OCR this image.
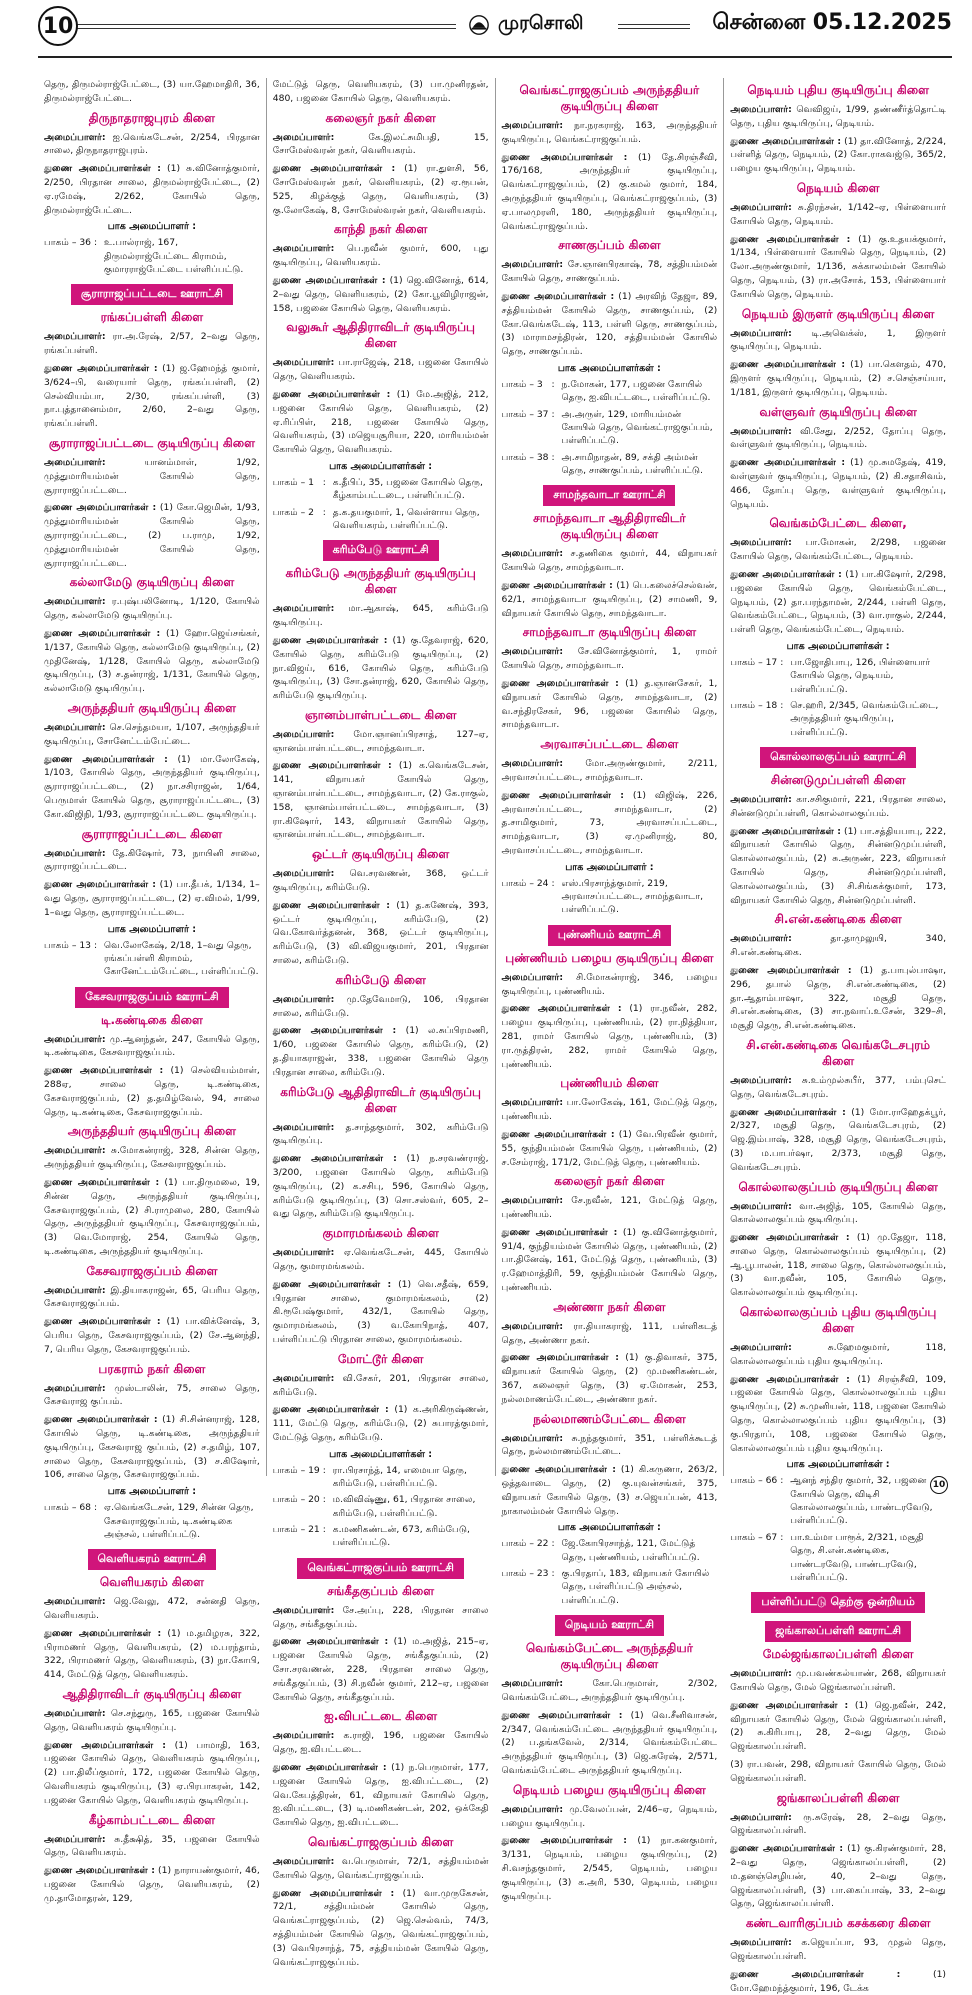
10	முரசொலி	சென்னை 05.12.2025

தெரு, திருமல்ராஜ்பேட்டை, (3) யா.ஹேமாதிரி, 36, திருமல்ராஜ்பேட்டை.

திருநாதராஜபுரம் கிளை

அமைப்பாளர்: ஐ.வெங்கடேசன், 2/254, பிரதான சாலை, திருநாதராஜபுரம்.

துணை அமைப்பாளர்கள் : (1) சு.வினோத்குமார், 2/250, பிரதான சாலை, திருமல்ராஜ்பேட்டை, (2) ஏ.ரமேஷ், 2/262, கோயில் தெரு, திருமல்ராஜ்பேட்டை.

பாக அமைப்பாளர் :
பாகம் – 36 : உ.பால்ராஜ், 167, திருமல்ராஜ்பேட்டை கிராமம், குமாரராஜ்பேட்டை பள்ளிப்பட்டு.
சூராராஜப்பட்டடை ஊராட்சி
ரங்கப்பள்ளி கிளை

அமைப்பாளர்: ரா.அ.ரேஷ், 2/57, 2–வது தெரு, ரங்கப்பள்ளி.

துணை அமைப்பாளர்கள் : (1) ஜ.ஹேமந்த் குமார், 3/624–பி, வரையார் தெரு, ரங்கப்பள்ளி, (2) செல்வியம்பா, 2/30, ரங்கப்பள்ளி, (3) நா.புத்தானைம்மா, 2/60, 2–வது தெரு, ரங்கப்பள்ளி.

சூராராஜப்பட்டடை குடியிருப்பு கிளை

அமைப்பாளர்:	யானம்மாள், 1/92, முத்துமாரியம்மன் கோயில் தெரு, சூராராஜப்பட்டடை.

துணை அமைப்பாளர்கள் : (1) கோ.ஜெமின், 1/93, முத்துமாரியம்மன் கோயில் தெரு, சூராராஜப்பட்டடை, (2) ப.ராமு, 1/92, முத்துமாரியம்மன் கோயில் தெரு, சூராராஜப்பட்டடை.

கல்லாமேடு குடியிருப்பு கிளை

அமைப்பாளர்: ர.புஷ்பலினோடி, 1/120, கோயில் தெரு, கல்லாமேடு குடியிருப்பு.

துணை அமைப்பாளர்கள் : (1) ஹோ.ஜெய்சங்கர், 1/137, கோயில் தெரு, கல்லாமேடு குடியிருப்பு, (2) முதினேஷ், 1/128, கோயில் தெரு, கல்லாமேடு குடியிருப்பு, (3) ச.தன்ராஜ், 1/131, கோயில் தெரு, கல்லாமேடு குடியிருப்பு.

அருந்ததியர் குடியிருப்பு கிளை

அமைப்பாளர்: செ.செந்தமயா, 1/107, அருந்ததியர் குடியிருப்பு, சோனேட்டம்பேட்டை.

துணை அமைப்பாளர்கள் : (1) மா.லோகேஷ், 1/103, கோயில் தெரு, அருந்ததியர் குடியிருப்பு, சூராராஜப்பட்டடை, (2) நா.சசிராஜன், 1/64, பெருமாள் கோயில் தெரு, சூராராஜப்பட்டடை, (3) கோ.விஜிநி, 1/93, சூராராஜப்பட்டடை குடியிருப்பு.

சூராராஜப்பட்டடை கிளை

அமைப்பாளர்: தே.கிஷோர், 73, நாயினி சாலை, சூராராஜப்பட்டடை.

துணை அமைப்பாளர்கள் : (1) பா.தீபக், 1/134, 1–வது தெரு, சூராராஜப்பட்டடை, (2) ஏ.விமல், 1/99, 1–வது தெரு, சூராராஜப்பட்டடை.

பாக அமைப்பாளர் :
பாகம் – 13 : வெ.லோகேஷ், 2/18, 1–வது தெரு, ரங்கப்பள்ளி கிராமம், கோனேட்டம்பேட்டை, பள்ளிப்பட்டு.
கேசவராஜகுப்பம் ஊராட்சி
டி.கண்டிகை கிளை

அமைப்பாளர்: மு.ஆனந்தன், 247, கோயில் தெரு, டி.கண்டிகை, கேசவராஜகுப்பம்.

துணை அமைப்பாளர்கள் : (1) செல்வியம்மாள், 288ஏ, சாலை தெரு, டி.கண்டிகை, கேசவராஜகுப்பம், (2) த.தமிழ்வேல், 94, சாலை தெரு, டி.கண்டிகை, கேசவராஜகுப்பம்.

அருந்ததியர் குடியிருப்பு கிளை

அமைப்பாளர்: சு.மோகன்ராஜ், 328, சின்ன தெரு, அருந்ததியர் குடியிருப்பு, கேசவராஜகுப்பம்.

துணை அமைப்பாளர்கள் : (1) பா.திருமலை, 19, சின்ன தெரு, அருந்ததியர் குடியிருப்பு, கேசவராஜகுப்பம், (2) சி.ராமுலை, 280, கோயில் தெரு, அருந்ததியர் குடியிருப்பு, கேசவராஜகுப்பம், (3) வெ.மோராஜ், 254, கோயில் தெரு, டி.கண்டிகை, அருந்ததியர் குடியிருப்பு.

கேசவராஜகுப்பம் கிளை

அமைப்பாளர்: இ.தியாகராஜன், 65, பெரிய தெரு, கேசவராஜகுப்பம்.

துணை அமைப்பாளர்கள் : (1) பா.விக்னேஷ், 3, பெரிய தெரு, கேசவராஜகுப்பம், (2) சே.ஆனந்தி, 7, பெரிய தெரு, கேசவராஜகுப்பம்.

பரகராம் நகர் கிளை

அமைப்பாளர்: முஸ்டாலின், 75, சாலை தெரு, கேசவராஜ குப்பம்.

துணை அமைப்பாளர்கள் : (1) சி.சின்னராஜ், 128, கோயில் தெரு, டி.கண்டிகை, அருந்ததியர் குடியிருப்பு, கேசவராஜ குப்பம், (2) ச.தமிழ், 107, சாலை தெரு, கேசவராஜகுப்பம், (3) ச.கிஷோர், 106, சாலை தெரு, கேசவராஜகுப்பம்.

பாக அமைப்பாளர் :
பாகம் – 68 : ஏ.வெங்கடேசன், 129, சின்ன தெரு, கேசவராஜகுப்பம், டி.கண்டிகை அஞ்சல், பள்ளிப்பட்டு.
வெளியகரம் ஊராட்சி
வெளியகரம் கிளை

அமைப்பாளர்: ஜெ.வேலு, 472, சன்னதி தெரு, வெளியகரம்.

துணை அமைப்பாளர்கள் : (1) ம.தமிழரசு, 322, பிராமணர் தெரு, வெளியகரம், (2) ம.பரந்தாம், 322, பிராமணர் தெரு, வெளியகரம், (3) நா.கோபி, 414, மேட்டுத் தெரு, வெளியகரம்.

ஆதிதிராவிடர் குடியிருப்பு கிளை

அமைப்பாளர்: செ.சந்துரு, 165, பஜனை கோயில் தெரு, வெளியகரம் குடியிருப்பு.

துணை அமைப்பாளர்கள் : (1) பாமாதி, 163, பஜனை கோயில் தெரு, வெளியகரம் குடியிருப்பு, (2) பா.திலீப்குமார், 172, பஜனை கோயில் தெரு, வெளியகரம் குடியிருப்பு, (3) ஏ.பிரபாகரன், 142, பஜனை கோயில் தெரு, வெளியகரம் குடியிருப்பு.

கீழ்காம்பட்டடை கிளை

அமைப்பாளர்: சு.தீக்ஷித், 35, பஜனை கோயில் தெரு, வெளியகரம்.

துணை அமைப்பாளர்கள் : (1) நாராயண்குமார், 46, பஜனை கோயில் தெரு, வெளியகரம், (2) மு.தாமோதரன், 129,

மேட்டுத் தெரு, வெளியகரம், (3) பா.முனிரதன், 480, பஜனை கோயில் தெரு, வெளியகரம்.

கலைஞர் நகர் கிளை

அமைப்பாளர்:	கே.இலட்சுமிபதி, 15, சோமேஸ்வரன் நகர், வெளியகரம்.

துணை அமைப்பாளர்கள் : (1) ரா.துளசி, 56, சோமேஸ்வரன் நகர், வெளியகரம், (2) ஏ.ரூபன், 525, கிழக்குத் தெரு, வெளியகரம், (3) கு.லோகேஷ், 8, சோமேஸ்வரன் நகர், வெளியகரம்.

காந்தி நகர் கிளை

அமைப்பாளர்: பெ.நவீன் குமார், 600, புது குடியிருப்பு, வெளியகரம்.

துணை அமைப்பாளர்கள் : (1) ஜெ.வினோத், 614, 2–வது தெரு, வெளியகரம், (2) கோ.பூவிழிராஜன், 158, பஜனை கோயில் தெரு, வெளியகரம்.

வலுகூர் ஆதிதிராவிடர் குடியிருப்பு கிளை

அமைப்பாளர்: பா.ராஜேஷ், 218, பஜனை கோயில் தெரு, வெளியகரம்.

துணை அமைப்பாளர்கள் : (1) மே.அஜித், 212, பஜனை கோயில் தெரு, வெளியகரம், (2) ஏ.ரிப்பிள், 218, பஜனை கோயில் தெரு, வெளியகரம், (3) மஜெயசூரியா, 220, மாரியம்மன் கோயில் தெரு, வெளியகரம்.

பாக அமைப்பாளர்கள் :
பாகம் – 1 : க.தீபிப், 35, பஜனை கோயில் தெரு, கீழ்காம்பட்டடை, பள்ளிப்பட்டு.
பாகம் – 2 : த.க.தயகுமார், 1, வெள்ளாய தெரு, வெளியகரம், பள்ளிப்பட்டு.
கரிம்பேடு ஊராட்சி
கரிம்பேடு அருந்ததியர் குடியிருப்பு கிளை

அமைப்பாளர்: மா.ஆகாஷ், 645, கரிம்பேடு குடியிருப்பு.

துணை அமைப்பாளர்கள் : (1) கு.தேவராஜ், 620, கோயில் தெரு, கரிம்பேடு குடியிருப்பு, (2) நா.விஜய், 616, கோயில் தெரு, கரிம்பேடு குடியிருப்பு, (3) சோ.தன்ராஜ், 620, கோயில் தெரு, கரிம்பேடு குடியிருப்பு.

ஞானம்பாள்பட்டடை கிளை

அமைப்பாளர்: மோ.ஞானப்பிரசாத், 127–ஏ, ஞானம்பாள்பட்டடை, சாமந்தவாடா.

துணை அமைப்பாளர்கள் : (1) க.வெங்கடேசன், 141, விநாயகர் கோயில் தெரு, ஞானம்பாள்பட்டடை, சாமந்தவாடா, (2) கே.ராகுல், 158, ஞானம்பாள்பட்டடை, சாமந்தவாடா, (3) ரா.கிஷோர், 143, விநாயகர் கோயில் தெரு, ஞானம்பாள்பட்டடை, சாமந்தவாடா.

ஒட்டர் குடியிருப்பு கிளை

அமைப்பாளர்: வெ.சரவணன், 368, ஒட்டர் குடியிருப்பு, கரிம்பேடு.

துணை அமைப்பாளர்கள் : (1) த.கணேஷ், 393, ஒட்டர் குடியிருப்பு, கரிம்பேடு, (2) வெ.கோவர்த்தனன், 368, ஒட்டர் குடியிருப்பு, கரிம்பேடு, (3) வி.விஜயகுமார், 201, பிரதான சாலை, கரிம்பேடு.

கரிம்பேடு கிளை

அமைப்பாளர்: மு.தேவேமாடு, 106, பிரதான சாலை, கரிம்பேடு.

துணை அமைப்பாளர்கள் : (1) ல.சுப்பிரமணி, 1/60, பஜனை கோயில் தெரு, கரிம்பேடு, (2) த.தியாகராஜன், 338, பஜனை கோயில் தெரு பிரதான சாலை, கரிம்பேடு.

கரிம்பேடு ஆதிதிராவிடர் குடியிருப்பு கிளை

அமைப்பாளர்: த.சாந்தகுமார், 302, கரிம்பேடு குடியிருப்பு.

துணை அமைப்பாளர்கள் : (1) ந.சரவண்ராஜ், 3/200, பஜனை கோயில் தெரு, கரிம்பேடு குடியிருப்பு, (2) க.சசிபு, 596, கோயில் தெரு, கரிம்பேடு குடியிருப்பு, (3) சொ.சஸ்வர், 605, 2–வது தெரு, கரிம்பேடு குடியிருப்பு.

குமாரமங்கலம் கிளை

அமைப்பாளர்: ஏ.வெங்கடேசன், 445, கோயில் தெரு, குமாரமங்கலம்.

துணை அமைப்பாளர்கள் : (1) வெ.சதீஷ், 659, பிரதான சாலை, குமாரமங்கலம், (2) கி.ரூபேஷ்குமார், 432/1, கோயில் தெரு, குமாரமங்கலம், (3) வ.கோபிநாத், 407, பள்ளிப்பட்டு பிரதான சாலை, குமாரமங்கலம்.

மோட்டூர் கிளை

அமைப்பாளர்: வி.சேகர், 201, பிரதான சாலை, கரிம்பேடு.

துணை அமைப்பாளர்கள் : (1) க.அரிகிருஷ்ணன், 111, மேட்டு தெரு, கரிம்பேடு, (2) சுபாரத்குமார், மேட்டுத் தெரு, கரிம்பேடு.

பாக அமைப்பாளர்கள் :
பாகம் – 19 : ரா.பிரசாந்த், 14, எமையா தெரு, கரிம்பேடு, பள்ளிப்பட்டு.
பாகம் – 20 : ம.விவிஷ்ணு, 61, பிரதான சாலை, கரிம்பேடு, பள்ளிப்பட்டு.
பாகம் – 21 : க.மணிகண்டன், 673, கரிம்பேடு, பள்ளிப்பட்டு.
வெங்கட்ராஜகுப்பம் ஊராட்சி
சங்கீதகுப்பம் கிளை

அமைப்பாளர்: சே.அப்பு, 228, பிரதான சாலை தெரு, சங்கீதகுப்பம்.

துணை அமைப்பாளர்கள் : (1) ம.அஜித், 215–ஏ, பஜனை கோயில் தெரு, சங்கீதகுப்பம், (2) சோ.சரவணன், 228, பிரதான சாலை தெரு, சங்கீதகுப்பம், (3) சி.நவீன் குமார், 212–ஏ, பஜனை கோயில் தெரு, சங்கீதகுப்பம்.

ஐ.விபட்டடை கிளை

அமைப்பாளர்: க.ராஜி, 196, பஜனை கோயில் தெரு, ஐ.விபட்டடை.

துணை அமைப்பாளர்கள் : (1) ந.பெருமாள், 177, பஜனை கோயில் தெரு, ஐ.விபட்டடை, (2) வெ.கேபத்திரன், 61, விநாயகர் கோயில் தெரு, ஐ.விபட்டடை, (3) டி.மணிகண்டன், 202, ஒக்கேதி கோயில் தெரு, ஐ.விபட்டடை.

வெங்கட்ராஜகுப்பம் கிளை

அமைப்பாளர்: வ.பெருமாள், 72/1, சத்தியம்மன் கோயில் தெரு, வெங்கட்ராஜகுப்பம்.

துணை அமைப்பாளர்கள் : (1) வா.முருகேசன், 72/1, சத்தியம்மன் கோயில் தெரு, வெங்கட்ராஜகுப்பம், (2) ஜெ.செல்வம், 74/3, சத்தியம்மன் கோயில் தெரு, வெங்கட்ராஜகுப்பம், (3) வெபிரசாந்த், 75, சத்தியம்மன் கோயில் தெரு, வெங்கட்ராஜகுப்பம்.

வெங்கட்ராஜகுப்பம் அருந்ததியர் குடியிருப்பு கிளை

அமைப்பாளர்: நா.நரகராஜ், 163, அருந்ததியர் குடியிருப்பு, வெங்கட்ராஜகுப்பம்.

துணை அமைப்பாளர்கள் : (1) தே.சிரஞ்சீவி, 176/168, அருந்ததியர் குடியிருப்பு, வெங்கட்ராஜகுப்பம், (2) கு.கமல் குமார், 184, அருந்ததியர் குடியிருப்பு, வெங்கட்ராஜகுப்பம், (3) ஏ.பாலமுரளி, 180, அருந்ததியர் குடியிருப்பு, வெங்கட்ராஜகுப்பம்.

சாணகுப்பம் கிளை

அமைப்பாளர்: சே.ஞானபிரகாஷ், 78, சத்தியம்மன் கோயில் தெரு, சாணகுப்பம்.

துணை அமைப்பாளர்கள் : (1) அரவிந் தேஜா, 89, சத்தியம்மன் கோயில் தெரு, சாணகுப்பம், (2) கோ.வெங்கடேஷ், 113, பள்ளி தெரு, சாணகுப்பம், (3) மாராமசந்திரன், 120, சத்தியம்மன் கோயில் தெரு, சாணகுப்பம்.

பாக அமைப்பாளர்கள் :
பாகம் – 3 : ந.மோகன், 177, பஜனை கோயில் தெரு, ஐ.விபட்டடை, பள்ளிப்பட்டு.
பாகம் – 37 : அ.அருள், 129, மாரியம்மன் கோயில் தெரு, வெங்கட்ராஜகுப்பம், பள்ளிப்பட்டு.
பாகம் – 38 : அ.சாமிநாதன், 89, சக்தி அம்மன் தெரு, சாணகுப்பம், பள்ளிப்பட்டு.
சாமந்தவாடா ஊராட்சி
சாமந்தவாடா ஆதிதிராவிடர் குடியிருப்பு கிளை

அமைப்பாளர்: ச.தணிகை குமார், 44, விநாயகர் கோயில் தெரு, சாமந்தவாடா.

துணை அமைப்பாளர்கள் : (1) பெ.கலைச்செல்வன், 62/1, சாமந்தவாடா குடியிருப்பு, (2) சாமணி, 9, விநாயகர் கோயில் தெரு, சாமந்தவாடா.

சாமந்தவாடா குடியிருப்பு கிளை

அமைப்பாளர்: சே.வினோத்குமார், 1, ராமர் கோயில் தெரு, சாமந்தவாடா.

துணை அமைப்பாளர்கள் : (1) த.ஞானசேகர், 1, விநாயகர் கோயில் தெரு, சாமந்தவாடா, (2) வ.சந்திரசேகர், 96, பஜனை கோயில் தெரு, சாமந்தவாடா.

அரவாசப்பட்டடை கிளை

அமைப்பாளர்: மோ.அருண்குமார், 2/211, அரவாசப்பட்டடை, சாமந்தவாடா.

துணை அமைப்பாளர்கள் : (1) விஜிஷ், 226, அரவாசப்பட்டடை, சாமந்தவாடா, (2) த.சாமிகுமார், 73, அரவாசப்பட்டடை, சாமந்தவாடா, (3) ஏ.முனிராஜ், 80, அரவாசப்பட்டடை, சாமந்தவாடா.

பாக அமைப்பாளர் :
பாகம் – 24 : எஸ்.பிரசாந்த்குமார், 219, அரவாசப்பட்டடை, சாமந்தவாடா, பள்ளிப்பட்டு.
புண்ணியம் ஊராட்சி
புண்ணியம் பழைய குடியிருப்பு கிளை

அமைப்பாளர்: சி.மோகன்ராஜ், 346, பழைய குடியிருப்பு, புண்ணியம்.

துணை அமைப்பாளர்கள் : (1) ரா.நவீன், 282, பழைய குடியிருப்பு, புண்ணியம், (2) ரா.நித்தியா, 281, ராமர் கோயில் தெரு, புண்ணியம், (3) ரா.ருத்திரன், 282, ராமர் கோயில் தெரு, புண்ணியம்.

புண்ணியம் கிளை

அமைப்பாளர்: பா.லோகேஷ், 161, மேட்டுத் தெரு, புண்ணியம்.

துணை அமைப்பாளர்கள் : (1) வே.பிரவீன் குமார், 55, குந்தியம்மன் கோயில் தெரு, புண்ணியம், (2) ச.சேம்ராஜ், 171/2, மேட்டுத் தெரு, புண்ணியம்.

கலைஞர் நகர் கிளை

அமைப்பாளர்: சே.நவீன், 121, மேட்டுத் தெரு, புண்ணியம்.

துணை அமைப்பாளர்கள் : (1) கு.வினோத்குமார், 91/4, குந்தியம்மன் கோயில் தெரு, புண்ணியம், (2) பா.தினேஷ், 161, மேட்டுத் தெரு, புண்ணியம், (3) ர.ஹேமாத்திரி, 59, குந்தியம்மன் கோயில் தெரு, புண்ணியம்.

அண்ணா நகர் கிளை

அமைப்பாளர்: ரா.தியாகராஜ், 111, பள்ளிகடத் தெரு, அண்ணா நகர்.

துணை அமைப்பாளர்கள் : (1) கு.திவாகர், 375, விநாயகர் கோயில் தெரு, (2) மு.மணிகண்டன், 367, கலைஞர் தெரு, (3) ஏ.மோகன், 253, நல்லமாணம்பேட்டை, அண்ணா நகர்.

நல்லமாணம்பேட்டை கிளை

அமைப்பாளர்: சு.நந்தகுமார், 351, பள்ளிக்கூடத் தெரு, நல்லமாணம்பேட்டை.

துணை அமைப்பாளர்கள் : (1) கி.கருணா, 263/2, ஒத்தவாடை தெரு, (2) கு.யுவன்சங்கர், 375, விநாயகர் கோயில் தெரு, (3) ச.ஜெயப்பன், 413, நாகாலம்மன் கோயில் தெரு.

பாக அமைப்பாளர்கள் :
பாகம் – 22 : ஜே.கோபிரசாந்த், 121, மேட்டுத் தெரு, புண்ணியம், பள்ளிப்பட்டு.
பாகம் – 23 : கு.பிரதாப், 183, விநாயகர் கோயில் தெரு, பள்ளிப்பட்டு அஞ்சல், பள்ளிப்பட்டு.
நெடியம் ஊராட்சி
வெங்கம்பேட்டை அருந்ததியர் குடியிருப்பு கிளை

அமைப்பாளர்:	கோ.பெருமாள், 2/302, வெங்கம்பேட்டை, அருந்ததியர் குடியிருப்பு.

துணை அமைப்பாளர்கள் : (1) வெ.சீனிவாசன், 2/347, வெங்கம்பேட்டை அருந்ததியர் குடியிருப்பு, (2) ப.தங்கவேல், 2/314, வெங்கம்பேட்டை அருந்ததியர் குடியிருப்பு, (3) ஜெ.சுரேஷ், 2/571, வெங்கம்பேட்டை அருந்ததியர் குடியிருப்பு.

நெடியம் பழைய குடியிருப்பு கிளை

அமைப்பாளர்: மு.வேலப்பன், 2/46–ஏ, நெடியம், பழைய குடியிருப்பு.

துணை அமைப்பாளர்கள் : (1) நா.கனகுமார், 3/131, நெடியம், பழைய குடியிருப்பு, (2) சி.வசந்தகுமார், 2/545, நெடியம், பழைய குடியிருப்பு, (3) க.அரி, 530, நெடியம், பழைய குடியிருப்பு.

நெடியம் புதிய குடியிருப்பு கிளை

அமைப்பாளர்: வெவிஜய், 1/99, தண்ணீர்த்தொட்டி தெரு, புதிய குடியிருப்பு, நெடியம்.

துணை அமைப்பாளர்கள் : (1) தா.வினோத், 2/224, பள்ளித் தெரு, நெடியம், (2) கோ.ராகவஜ்டு, 365/2, பழைய குடியிருப்பு, நெடியம்.

நெடியம் கிளை

அமைப்பாளர்: சு.திரந்சன், 1/142–ஏ, பிள்ளையார் கோயில் தெரு, நெடியம்.

துணை அமைப்பாளர்கள் : (1) கு.உதயக்குமார், 1/134, பிள்ளையார் கோயில் தெரு, நெடியம், (2) லோ.அருண்குமார், 1/136, சுக்காலம்மன் கோயில் தெரு, நெடியம், (3) ரா.அசோக், 153, பிள்ளையார் கோயில் தெரு, நெடியம்.

நெடியம் இருளர் குடியிருப்பு கிளை

அமைப்பாளர்: டி.அவெக்ஸ், 1, இருளர் குடியிருப்பு, நெடியம்.

துணை அமைப்பாளர்கள் : (1) பா.கௌதம், 470, இருளர் குடியிருப்பு, நெடியம், (2) ச.செஞ்சய்யா, 1/181, இருளர் குடியிருப்பு, நெடியம்.

வள்ளுவர் குடியிருப்பு கிளை

அமைப்பாளர்: வி.சேது, 2/252, தோப்பு தெரு, வள்ளுவர் குடியிருப்பு, நெடியம்.

துணை அமைப்பாளர்கள் : (1) மு.சுமதேஷ், 419, வள்ளுவர் குடியிருப்பு, நெடியம், (2) கி.சதாசிவம், 466, தோப்பு தெரு, வள்ளுவர் குடியிருப்பு, நெடியம்.

வெங்கம்பேட்டை கிளை,

அமைப்பாளர்: பா.மோகன், 2/298, பஜனை கோயில் தெரு, வெங்கம்பேட்டை, நெடியம்.

துணை அமைப்பாளர்கள் : (1) பா.கிஷோர், 2/298, பஜனை கோயில் தெரு, வெங்கம்பேட்டை, நெடியம், (2) தா.பரந்தாமன், 2/244, பள்ளி தெரு, வெங்கம்பேட்டை, நெடியம், (3) வா.ராகுல், 2/244, பள்ளி தெரு, வெங்கம்பேட்டை, நெடியம்.

பாக அமைப்பாளர்கள் :
பாகம் – 17 : பா.ஜோதிபாபு, 126, பிள்ளையார் கோயில் தெரு, நெடியம், பள்ளிப்பட்டு.
பாகம் – 18 : செ.ஹரி, 2/345, வெங்கம்பேட்டை, அருந்ததியர் குடியிருப்பு, பள்ளிப்பட்டு.
கொல்லாலகுப்பம் ஊராட்சி
சின்னடுமுப்பள்ளி கிளை

அமைப்பாளர்: கா.சசிகுமார், 221, பிரதான சாலை, சின்னடுமுப்பள்ளி, கொல்லாலகுப்பம்.

துணை அமைப்பாளர்கள் : (1) பா.சத்தியபாபு, 222, விநாயகர் கோயில் தெரு, சின்னடுமுப்பள்ளி, கொல்லாலகுப்பம், (2) சு.அருண், 223, விநாயகர் கோயில் தெரு, சின்னடுமுப்பள்ளி, கொல்லாலகுப்பம், (3) சி.சிங்கக்குமார், 173, விநாயகர் கோயில் தெரு, சின்னடுமுப்பள்ளி.

சி.என்.கண்டிகை கிளை

அமைப்பாளர்:	தா.தாமுலுயி, 340, சி.என்.கண்டிகை.

துணை அமைப்பாளர்கள் : (1) த.பாபுல்பாஷா, 296, தபால் தெரு, சி.என்.கண்டிகை, (2) தா.ஆதாம்பாஷா, 322, மசூதி தெரு, சி.என்.கண்டிகை, (3) சா.நவாப்.உசேன், 329–சி, மசூதி தெரு, சி.என்.கண்டிகை.

சி.என்.கண்டிகை வெங்கடேசபுரம் கிளை

அமைப்பாளர்: சு.உம்முல்சுபீர், 377, பம்புசெட் தெரு, வெங்கடேசபுரம்.

துணை அமைப்பாளர்கள் : (1) மோ.ராஹேதக்பூர், 2/327, மசூதி தெரு, வெங்கடேசபுரம், (2) ஜெ.இம்பாஷ், 328, மசூதி தெரு, வெங்கடேசபுரம், (3) ம.பாபர்ஷா, 2/373, மசூதி தெரு, வெங்கடேசபுரம்.

கொல்லாலகுப்பம் குடியிருப்பு கிளை

அமைப்பாளர்: வா.அஜித், 105, கோயில் தெரு, கொல்லாலகுப்பம் குடியிருப்பு.

துணை அமைப்பாளர்கள் : (1) மு.தேஜா, 118, சாலை தெரு, கொல்லாலகுப்பம் குடியிருப்பு, (2) ஆ.பூபாலன், 118, சாலை தெரு, கொல்லாலகுப்பம், (3) வா.நவீன், 105, கோயில் தெரு, கொல்லாலகுப்பம் குடியிருப்பு.

கொல்லாலகுப்பம் புதிய குடியிருப்பு கிளை

அமைப்பாளர்:	சு.ஹேமகுமார், 118, கொல்லாலகுப்பம் புதிய குடியிருப்பு.

துணை அமைப்பாளர்கள் : (1) சிரஞ்சீவி, 109, பஜனை கோயில் தெரு, கொல்லாலகுப்பம் புதிய குடியிருப்பு, (2) சு.முனியன், 118, பஜனை கோயில் தெரு, கொல்லாலகுப்பம் புதிய குடியிருப்பு, (3) கு.பிரதாப், 108, பஜனை கோயில் தெரு, கொல்லாலகுப்பம் புதிய குடியிருப்பு.

பாக அமைப்பாளர்கள் :
பாகம் – 66 : ஆனந் சந்திர குமார், 32, பஜனை கோயில் தெரு, விடிசி கொல்லாலகுப்பம், பாண்டரவேடு, பள்ளிப்பட்டு.
பாகம் – 67 : பா.உம்மா பாரூக், 2/321, மசூதி தெரு, சி.என்.கண்டிகை, பாண்டரவேடு, பாண்டரவேடு, பள்ளிப்பட்டு.
பள்ளிப்பட்டு தெற்கு ஒன்றியம்
ஜங்காலப்பள்ளி ஊராட்சி
மேல்ஜங்காலப்பள்ளி கிளை

அமைப்பாளர்: மு.பவண்கல்யாண், 268, விநாயகர் கோயில் தெரு, மேல் ஜெங்காலப்பள்ளி.

துணை அமைப்பாளர்கள் : (1) ஜெ.நவீன், 242, விநாயகர் கோயில் தெரு, மேல் ஜெங்காலப்பள்ளி, (2) சு.கிரிபாபு, 28, 2–வது தெரு, மேல் ஜெங்காலப்பள்ளி.

(3) ரா.பவன், 298, விநாயகர் கோயில் தெரு, மேல் ஜெங்காலப்பள்ளி.

ஜங்காலப்பள்ளி கிளை

அமைப்பாளர்: ரு.சுரேஷ், 28, 2–வது தெரு, ஜெங்காலப்பள்ளி.

துணை அமைப்பாளர்கள் : (1) கு.கிரண்குமார், 28, 2–வது தெரு, ஜெங்காலப்பள்ளி, (2) ம.தனஞ்செழியன், 40, 2–வது தெரு, ஜெங்காலப்பள்ளி, (3) பா.கைப்பாஷ், 33, 2–வது தெரு, ஜெங்காலப்பள்ளி.

கண்டவாரிகுப்பம் கசக்கரை கிளை

அமைப்பாளர்: க.ஜெயப்பா, 93, முதல் தெரு, ஜெங்காலப்பள்ளி.

துணை அமைப்பாளர்கள் :	(1) மோ.ஹேமந்த்குமார், 196, டேக்க

10
